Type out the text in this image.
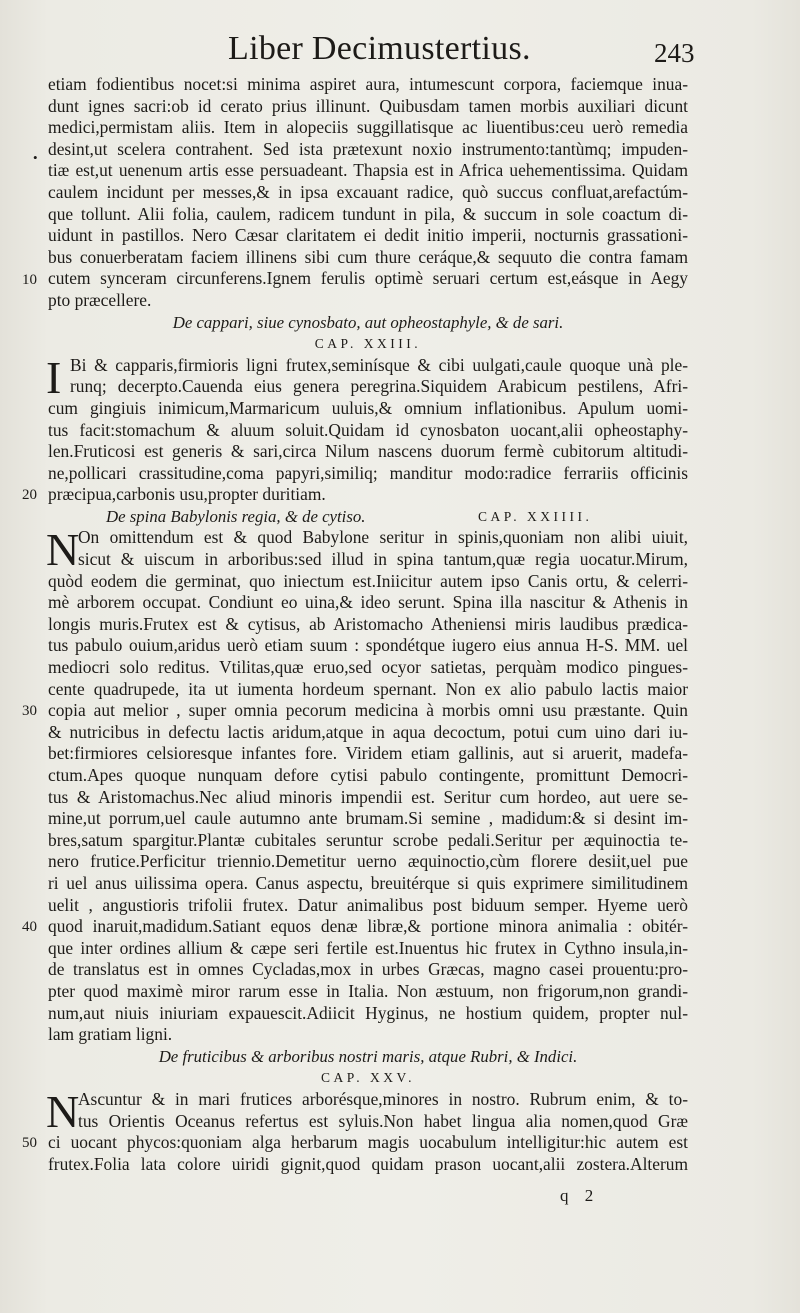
Liber Decimustertius.	243
•
10
20
30
40
50
etiam fodientibus nocet:si minima aspiret aura, intumescunt corpora, faciemque inua-
dunt ignes sacri:ob id cerato prius illinunt. Quibusdam tamen morbis auxiliari dicunt
medici,permistam aliis. Item in alopeciis suggillatisque ac liuentibus:ceu uerò remedia
desint,ut scelera contrahent. Sed ista prætexunt noxio instrumento:tantùmq; impuden-
tiæ est,ut uenenum artis esse persuadeant. Thapsia est in Africa uehementissima. Quidam
caulem incidunt per messes,& in ipsa excauant radice, quò succus confluat,arefactúm-
que tollunt. Alii folia, caulem, radicem tundunt in pila, & succum in sole coactum di-
uidunt in pastillos. Nero Cæsar claritatem ei dedit initio imperii, nocturnis grassationi-
bus conuerberatam faciem illinens sibi cum thure ceráque,& sequuto die contra famam
cutem synceram circunferens.Ignem ferulis optimè seruari certum est,eásque in Aegy
pto præcellere.
De cappari, siue cynosbato, aut opheostaphyle, & de sari.
CAP. XXIII.
I Bi & capparis,firmioris ligni frutex,seminísque & cibi uulgati,caule quoque unà ple-
runq; decerpto.Cauenda eius genera peregrina.Siquidem Arabicum pestilens, Afri-
cum gingiuis inimicum,Marmaricum uuluis,& omnium inflationibus. Apulum uomi-
tus facit:stomachum & aluum soluit.Quidam id cynosbaton uocant,alii opheostaphy-
len.Fruticosi est generis & sari,circa Nilum nascens duorum fermè cubitorum altitudi-
ne,pollicari crassitudine,coma papyri,similiq; manditur modo:radice ferrariis officinis
præcipua,carbonis usu,propter duritiam.
De spina Babylonis regia, & de cytiso.	CAP. XXIIII.
N
On omittendum est & quod Babylone seritur in spinis,quoniam non alibi uiuit,
sicut & uiscum in arboribus:sed illud in spina tantum,quæ regia uocatur.Mirum,
quòd eodem die germinat, quo iniectum est.Iniicitur autem ipso Canis ortu, & celerri-
mè arborem occupat. Condiunt eo uina,& ideo serunt. Spina illa nascitur & Athenis in
longis muris.Frutex est & cytisus, ab Aristomacho Atheniensi miris laudibus prædica-
tus pabulo ouium,aridus uerò etiam suum : spondétque iugero eius annua H-S. MM. uel
mediocri solo reditus. Vtilitas,quæ eruo,sed ocyor satietas, perquàm modico pingues-
cente quadrupede, ita ut iumenta hordeum spernant. Non ex alio pabulo lactis maior
copia aut melior , super omnia pecorum medicina à morbis omni usu præstante. Quin
& nutricibus in defectu lactis aridum,atque in aqua decoctum, potui cum uino dari iu-
bet:firmiores celsioresque infantes fore. Viridem etiam gallinis, aut si aruerit, madefa-
ctum.Apes quoque nunquam defore cytisi pabulo contingente, promittunt Democri-
tus & Aristomachus.Nec aliud minoris impendii est. Seritur cum hordeo, aut uere se-
mine,ut porrum,uel caule autumno ante brumam.Si semine , madidum:& si desint im-
bres,satum spargitur.Plantæ cubitales seruntur scrobe pedali.Seritur per æquinoctia te-
nero frutice.Perficitur triennio.Demetitur uerno æquinoctio,cùm florere desiit,uel pue
ri uel anus uilissima opera. Canus aspectu, breuitérque si quis exprimere similitudinem
uelit , angustioris trifolii frutex. Datur animalibus post biduum semper. Hyeme uerò
quod inaruit,madidum.Satiant equos denæ libræ,& portione minora animalia : obitér-
que inter ordines allium & cæpe seri fertile est.Inuentus hic frutex in Cythno insula,in-
de translatus est in omnes Cycladas,mox in urbes Græcas, magno casei prouentu:pro-
pter quod maximè miror rarum esse in Italia. Non æstuum, non frigorum,non grandi-
num,aut niuis iniuriam expauescit.Adiicit Hyginus, ne hostium quidem, propter nul-
lam gratiam ligni.
De fruticibus & arboribus nostri maris, atque Rubri, & Indici.
CAP. XXV.
N
Ascuntur & in mari frutices arborésque,minores in nostro. Rubrum enim, & to-
tus Orientis Oceanus refertus est syluis.Non habet lingua alia nomen,quod Græ
ci uocant phycos:quoniam alga herbarum magis uocabulum intelligitur:hic autem est
frutex.Folia lata colore uiridi gignit,quod quidam prason uocant,alii zostera.Alterum
q 2
